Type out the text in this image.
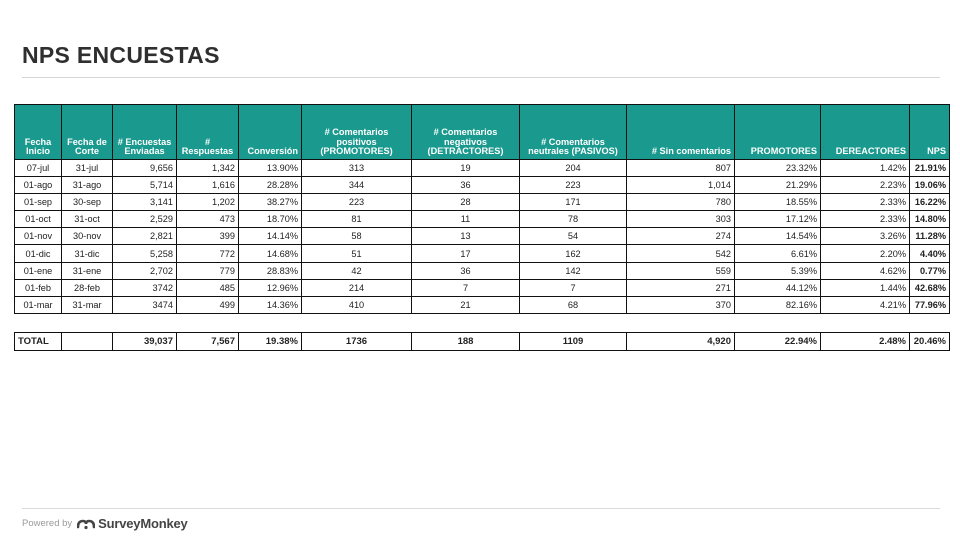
NPS ENCUESTAS
Fecha Inicio	Fecha de Corte	# Encuestas Enviadas	# Respuestas	Conversión	# Comentarios positivos (PROMOTORES)	# Comentarios negativos (DETRACTORES)	# Comentarios neutrales (PASIVOS)	# Sin comentarios	PROMOTORES	DEREACTORES	NPS
07-jul	31-jul	9,656	1,342	13.90%	313	19	204	807	23.32%	1.42%	21.91%
01-ago	31-ago	5,714	1,616	28.28%	344	36	223	1,014	21.29%	2.23%	19.06%
01-sep	30-sep	3,141	1,202	38.27%	223	28	171	780	18.55%	2.33%	16.22%
01-oct	31-oct	2,529	473	18.70%	81	11	78	303	17.12%	2.33%	14.80%
01-nov	30-nov	2,821	399	14.14%	58	13	54	274	14.54%	3.26%	11.28%
01-dic	31-dic	5,258	772	14.68%	51	17	162	542	6.61%	2.20%	4.40%
01-ene	31-ene	2,702	779	28.83%	42	36	142	559	5.39%	4.62%	0.77%
01-feb	28-feb	3742	485	12.96%	214	7	7	271	44.12%	1.44%	42.68%
01-mar	31-mar	3474	499	14.36%	410	21	68	370	82.16%	4.21%	77.96%

TOTAL		39,037	7,567	19.38%	1736	188	1109	4,920	22.94%	2.48%	20.46%
Powered by SurveyMonkey
